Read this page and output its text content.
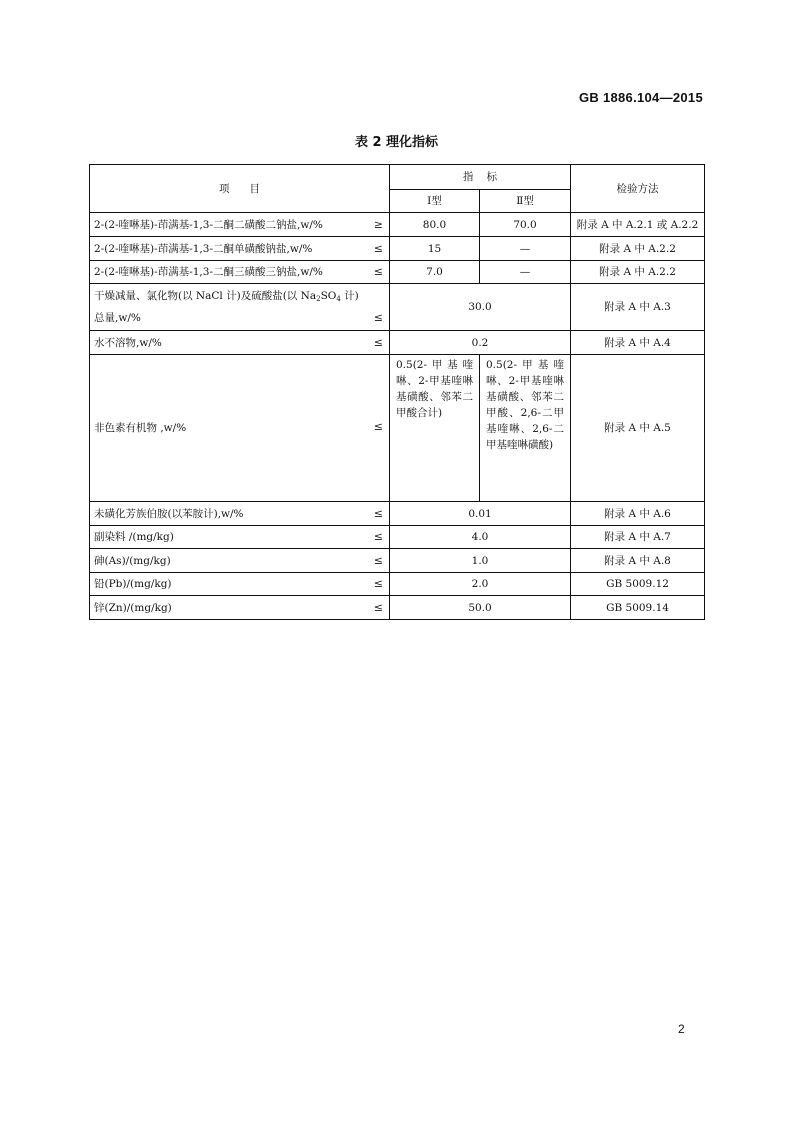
GB 1886.104—2015
表 2 理化指标
项      目	指    标		检验方法
	Ⅰ型	Ⅱ型	
2-(2-喹啉基)-茚满基-1,3-二酮二磺酸二钠盐,w/% ≥	80.0	70.0	附录 A 中 A.2.1 或 A.2.2
2-(2-喹啉基)-茚满基-1,3-二酮单磺酸钠盐,w/% ≤	15	—	附录 A 中 A.2.2
2-(2-喹啉基)-茚满基-1,3-二酮三磺酸三钠盐,w/% ≤	7.0	—	附录 A 中 A.2.2

干燥减量、氯化物(以 NaCl 计)及硫酸盐(以 $Na_2SO_4$ 计)
总量,w/% ≤	30.0		附录 A 中 A.3
水不溶物,w/% ≤	0.2		附录 A 中 A.4
非色素有机物 ,w/% ≤	0.5(2-甲基喹啉、2-甲基喹啉基磺酸、邻苯二甲酸合计)	0.5(2-甲基喹啉、2-甲基喹啉基磺酸、邻苯二甲酸、2,6-二甲基喹啉、2,6-二甲基喹啉磺酸)	附录 A 中 A.5
未磺化芳族伯胺(以苯胺计),w/% ≤	0.01		附录 A 中 A.6
副染料 /(mg/kg) ≤	4.0		附录 A 中 A.7
砷(As)/(mg/kg) ≤	1.0		附录 A 中 A.8
铅(Pb)/(mg/kg) ≤	2.0		GB 5009.12
锌(Zn)/(mg/kg) ≤	50.0		GB 5009.14
2
